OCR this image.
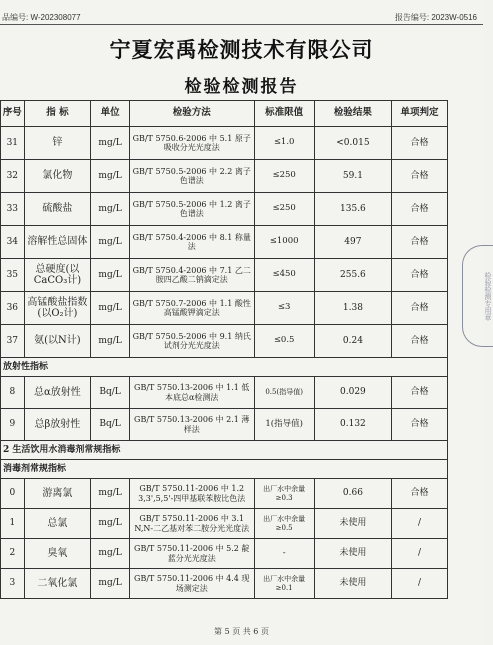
品编号: W-202308077	报告编号: 2023W-0516
宁夏宏禹检测技术有限公司
检验检测报告
序号	指 标	单位	检验方法	标准限值	检验结果	单项判定
31	锌	mg/L	GB/T 5750.6-2006 中 5.1 原子吸收分光光度法	≤1.0	<0.015	合格
32	氯化物	mg/L	GB/T 5750.5-2006 中 2.2 离子色谱法	≤250	59.1	合格
33	硫酸盐	mg/L	GB/T 5750.5-2006 中 1.2 离子色谱法	≤250	135.6	合格
34	溶解性总固体	mg/L	GB/T 5750.4-2006 中 8.1 称量法	≤1000	497	合格
35	总硬度(以CaCO₃计)	mg/L	GB/T 5750.4-2006 中 7.1 乙二胺四乙酸二钠滴定法	≤450	255.6	合格
36	高锰酸盐指数(以O₂计)	mg/L	GB/T 5750.7-2006 中 1.1 酸性高锰酸钾滴定法	≤3	1.38	合格
37	氨(以N计)	mg/L	GB/T 5750.5-2006 中 9.1 纳氏试剂分光光度法	≤0.5	0.24	合格
放射性指标						
8	总α放射性	Bq/L	GB/T 5750.13-2006 中 1.1 低本底总α检测法	0.5(指导值)	0.029	合格
9	总β放射性	Bq/L	GB/T 5750.13-2006 中 2.1 薄样法	1(指导值)	0.132	合格
2 生活饮用水消毒剂常规指标						
消毒剂常规指标						
0	游离氯	mg/L	GB/T 5750.11-2006 中 1.2 3,3',5,5'-四甲基联苯胺比色法	出厂水中余量≥0.3	0.66	合格
1	总氯	mg/L	GB/T 5750.11-2006 中 3.1 N,N-二乙基对苯二胺分光光度法	出厂水中余量≥0.5	未使用	/
2	臭氧	mg/L	GB/T 5750.11-2006 中 5.2 靛蓝分光光度法	-	未使用	/
3	二氧化氯	mg/L	GB/T 5750.11-2006 中 4.4 现场测定法	出厂水中余量≥0.1	未使用	/
检验检测专用章
第 5 页 共 6 页
